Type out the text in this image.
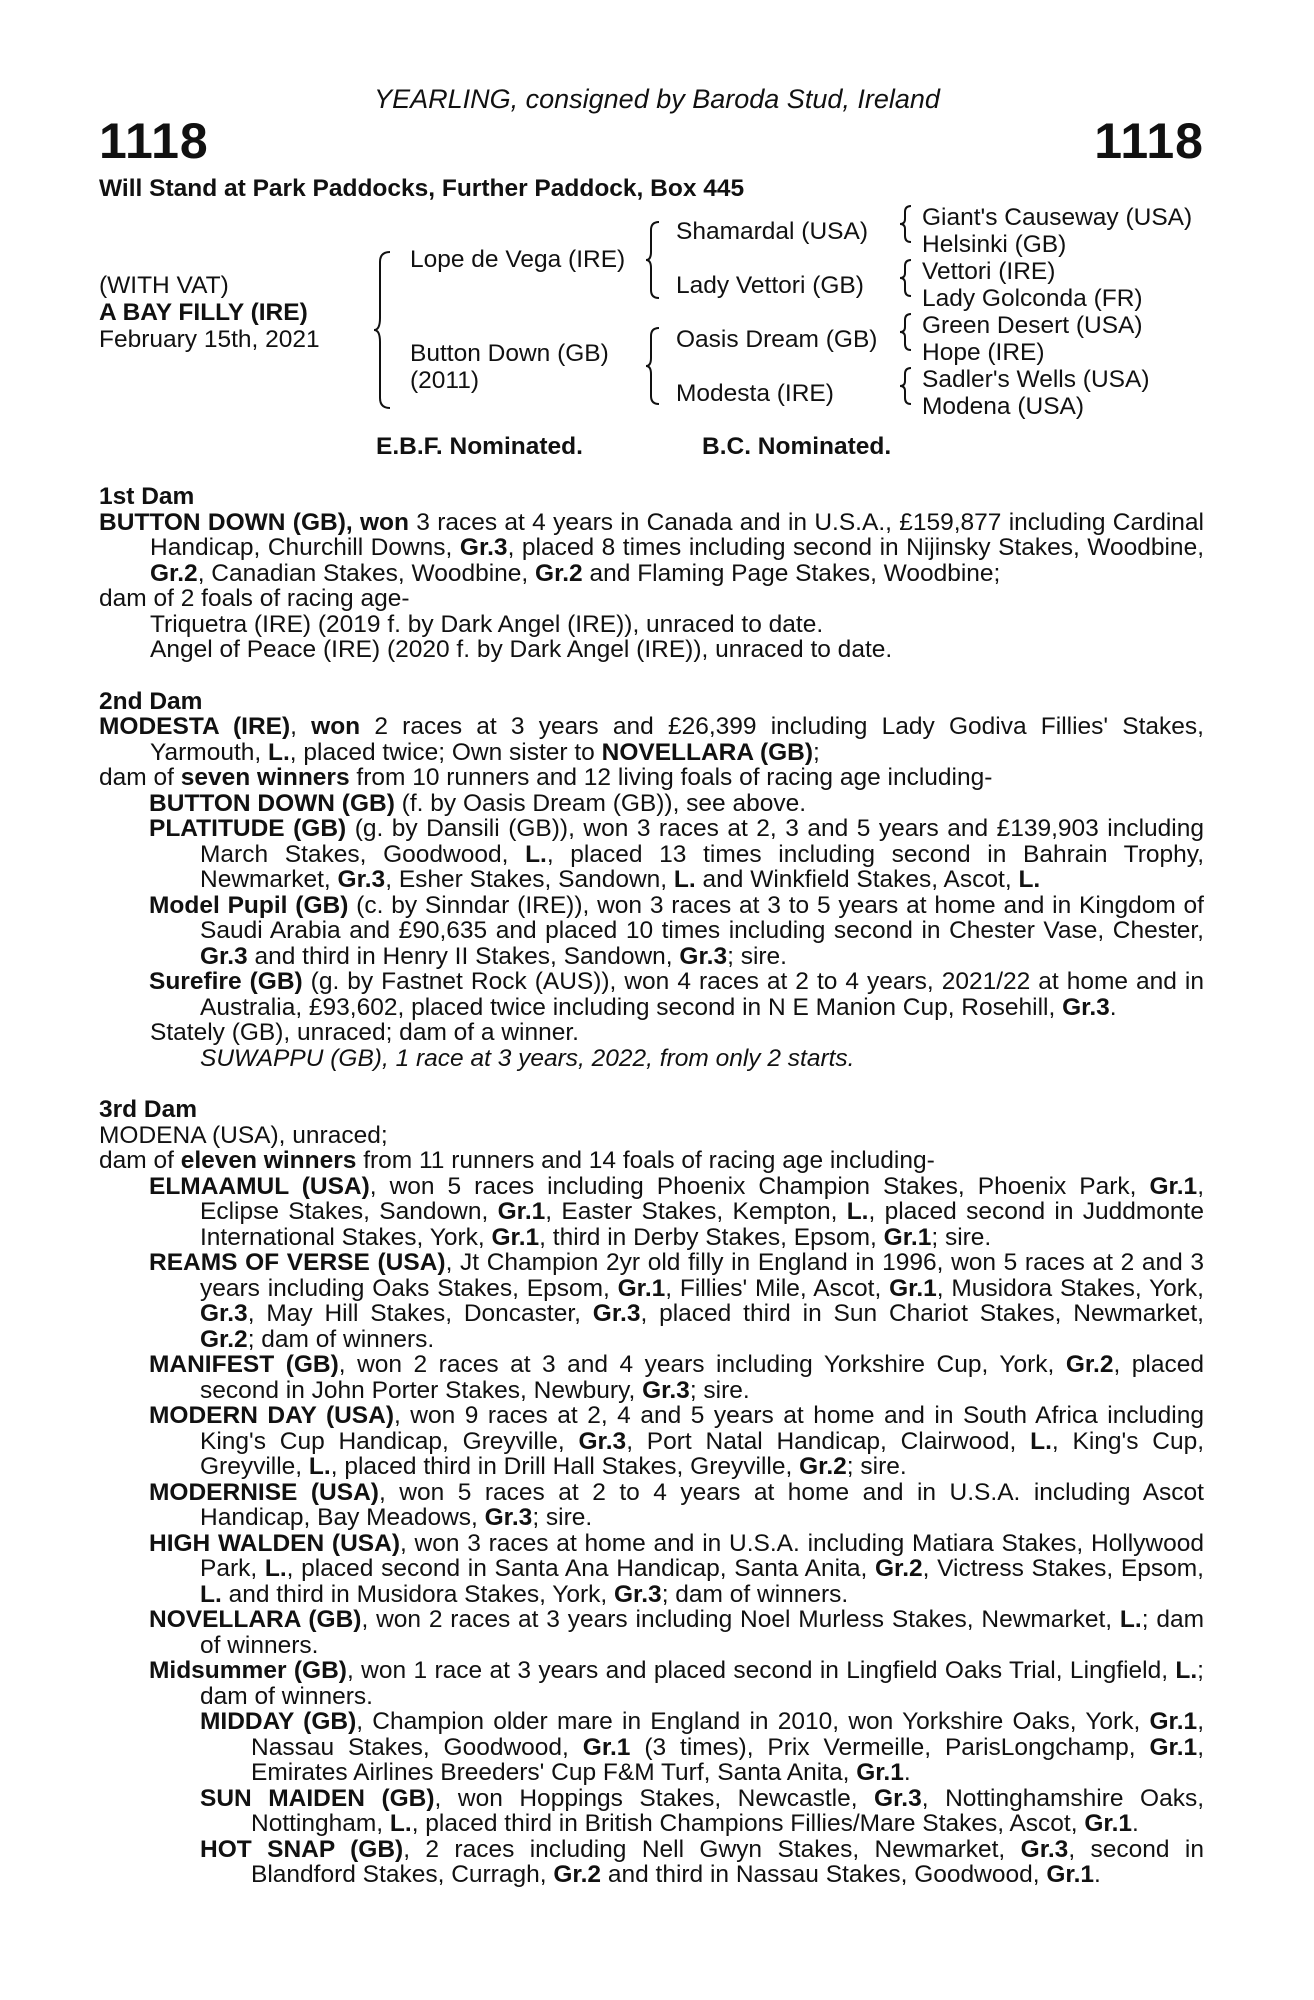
YEARLING, consigned by Baroda Stud, Ireland
1118	1118
Will Stand at Park Paddocks, Further Paddock, Box 445
(WITH VAT)
A BAY FILLY (IRE)
February 15th, 2021
Lope de Vega (IRE)
Button Down (GB)
(2011)
Shamardal (USA)
Lady Vettori (GB)
Oasis Dream (GB)
Modesta (IRE)
Giant's Causeway (USA)
Helsinki (GB)
Vettori (IRE)
Lady Golconda (FR)
Green Desert (USA)
Hope (IRE)
Sadler's Wells (USA)
Modena (USA)
E.B.F. Nominated.	B.C. Nominated.

1st Dam

BUTTON DOWN (GB), won 3 races at 4 years in Canada and in U.S.A., £159,877 including Cardinal Handicap, Churchill Downs, Gr.3, placed 8 times including second in Nijinsky Stakes, Woodbine, Gr.2, Canadian Stakes, Woodbine, Gr.2 and Flaming Page Stakes, Woodbine;

dam of 2 foals of racing age-

Triquetra (IRE) (2019 f. by Dark Angel (IRE)), unraced to date.

Angel of Peace (IRE) (2020 f. by Dark Angel (IRE)), unraced to date.

2nd Dam

MODESTA (IRE), won 2 races at 3 years and £26,399 including Lady Godiva Fillies' Stakes, Yarmouth, L., placed twice; Own sister to NOVELLARA (GB);

dam of seven winners from 10 runners and 12 living foals of racing age including-

BUTTON DOWN (GB) (f. by Oasis Dream (GB)), see above.

PLATITUDE (GB) (g. by Dansili (GB)), won 3 races at 2, 3 and 5 years and £139,903 including March Stakes, Goodwood, L., placed 13 times including second in Bahrain Trophy, Newmarket, Gr.3, Esher Stakes, Sandown, L. and Winkfield Stakes, Ascot, L.

Model Pupil (GB) (c. by Sinndar (IRE)), won 3 races at 3 to 5 years at home and in Kingdom of Saudi Arabia and £90,635 and placed 10 times including second in Chester Vase, Chester, Gr.3 and third in Henry II Stakes, Sandown, Gr.3; sire.

Surefire (GB) (g. by Fastnet Rock (AUS)), won 4 races at 2 to 4 years, 2021/22 at home and in Australia, £93,602, placed twice including second in N E Manion Cup, Rosehill, Gr.3.

Stately (GB), unraced; dam of a winner.

SUWAPPU (GB), 1 race at 3 years, 2022, from only 2 starts.

3rd Dam

MODENA (USA), unraced;

dam of eleven winners from 11 runners and 14 foals of racing age including-

ELMAAMUL (USA), won 5 races including Phoenix Champion Stakes, Phoenix Park, Gr.1, Eclipse Stakes, Sandown, Gr.1, Easter Stakes, Kempton, L., placed second in Juddmonte International Stakes, York, Gr.1, third in Derby Stakes, Epsom, Gr.1; sire.

REAMS OF VERSE (USA), Jt Champion 2yr old filly in England in 1996, won 5 races at 2 and 3 years including Oaks Stakes, Epsom, Gr.1, Fillies' Mile, Ascot, Gr.1, Musidora Stakes, York, Gr.3, May Hill Stakes, Doncaster, Gr.3, placed third in Sun Chariot Stakes, Newmarket, Gr.2; dam of winners.

MANIFEST (GB), won 2 races at 3 and 4 years including Yorkshire Cup, York, Gr.2, placed second in John Porter Stakes, Newbury, Gr.3; sire.

MODERN DAY (USA), won 9 races at 2, 4 and 5 years at home and in South Africa including King's Cup Handicap, Greyville, Gr.3, Port Natal Handicap, Clairwood, L., King's Cup, Greyville, L., placed third in Drill Hall Stakes, Greyville, Gr.2; sire.

MODERNISE (USA), won 5 races at 2 to 4 years at home and in U.S.A. including Ascot Handicap, Bay Meadows, Gr.3; sire.

HIGH WALDEN (USA), won 3 races at home and in U.S.A. including Matiara Stakes, Hollywood Park, L., placed second in Santa Ana Handicap, Santa Anita, Gr.2, Victress Stakes, Epsom, L. and third in Musidora Stakes, York, Gr.3; dam of winners.

NOVELLARA (GB), won 2 races at 3 years including Noel Murless Stakes, Newmarket, L.; dam of winners.

Midsummer (GB), won 1 race at 3 years and placed second in Lingfield Oaks Trial, Lingfield, L.; dam of winners.

MIDDAY (GB), Champion older mare in England in 2010, won Yorkshire Oaks, York, Gr.1, Nassau Stakes, Goodwood, Gr.1 (3 times), Prix Vermeille, ParisLongchamp, Gr.1, Emirates Airlines Breeders' Cup F&M Turf, Santa Anita, Gr.1.

SUN MAIDEN (GB), won Hoppings Stakes, Newcastle, Gr.3, Nottinghamshire Oaks, Nottingham, L., placed third in British Champions Fillies/Mare Stakes, Ascot, Gr.1.

HOT SNAP (GB), 2 races including Nell Gwyn Stakes, Newmarket, Gr.3, second in Blandford Stakes, Curragh, Gr.2 and third in Nassau Stakes, Goodwood, Gr.1.
